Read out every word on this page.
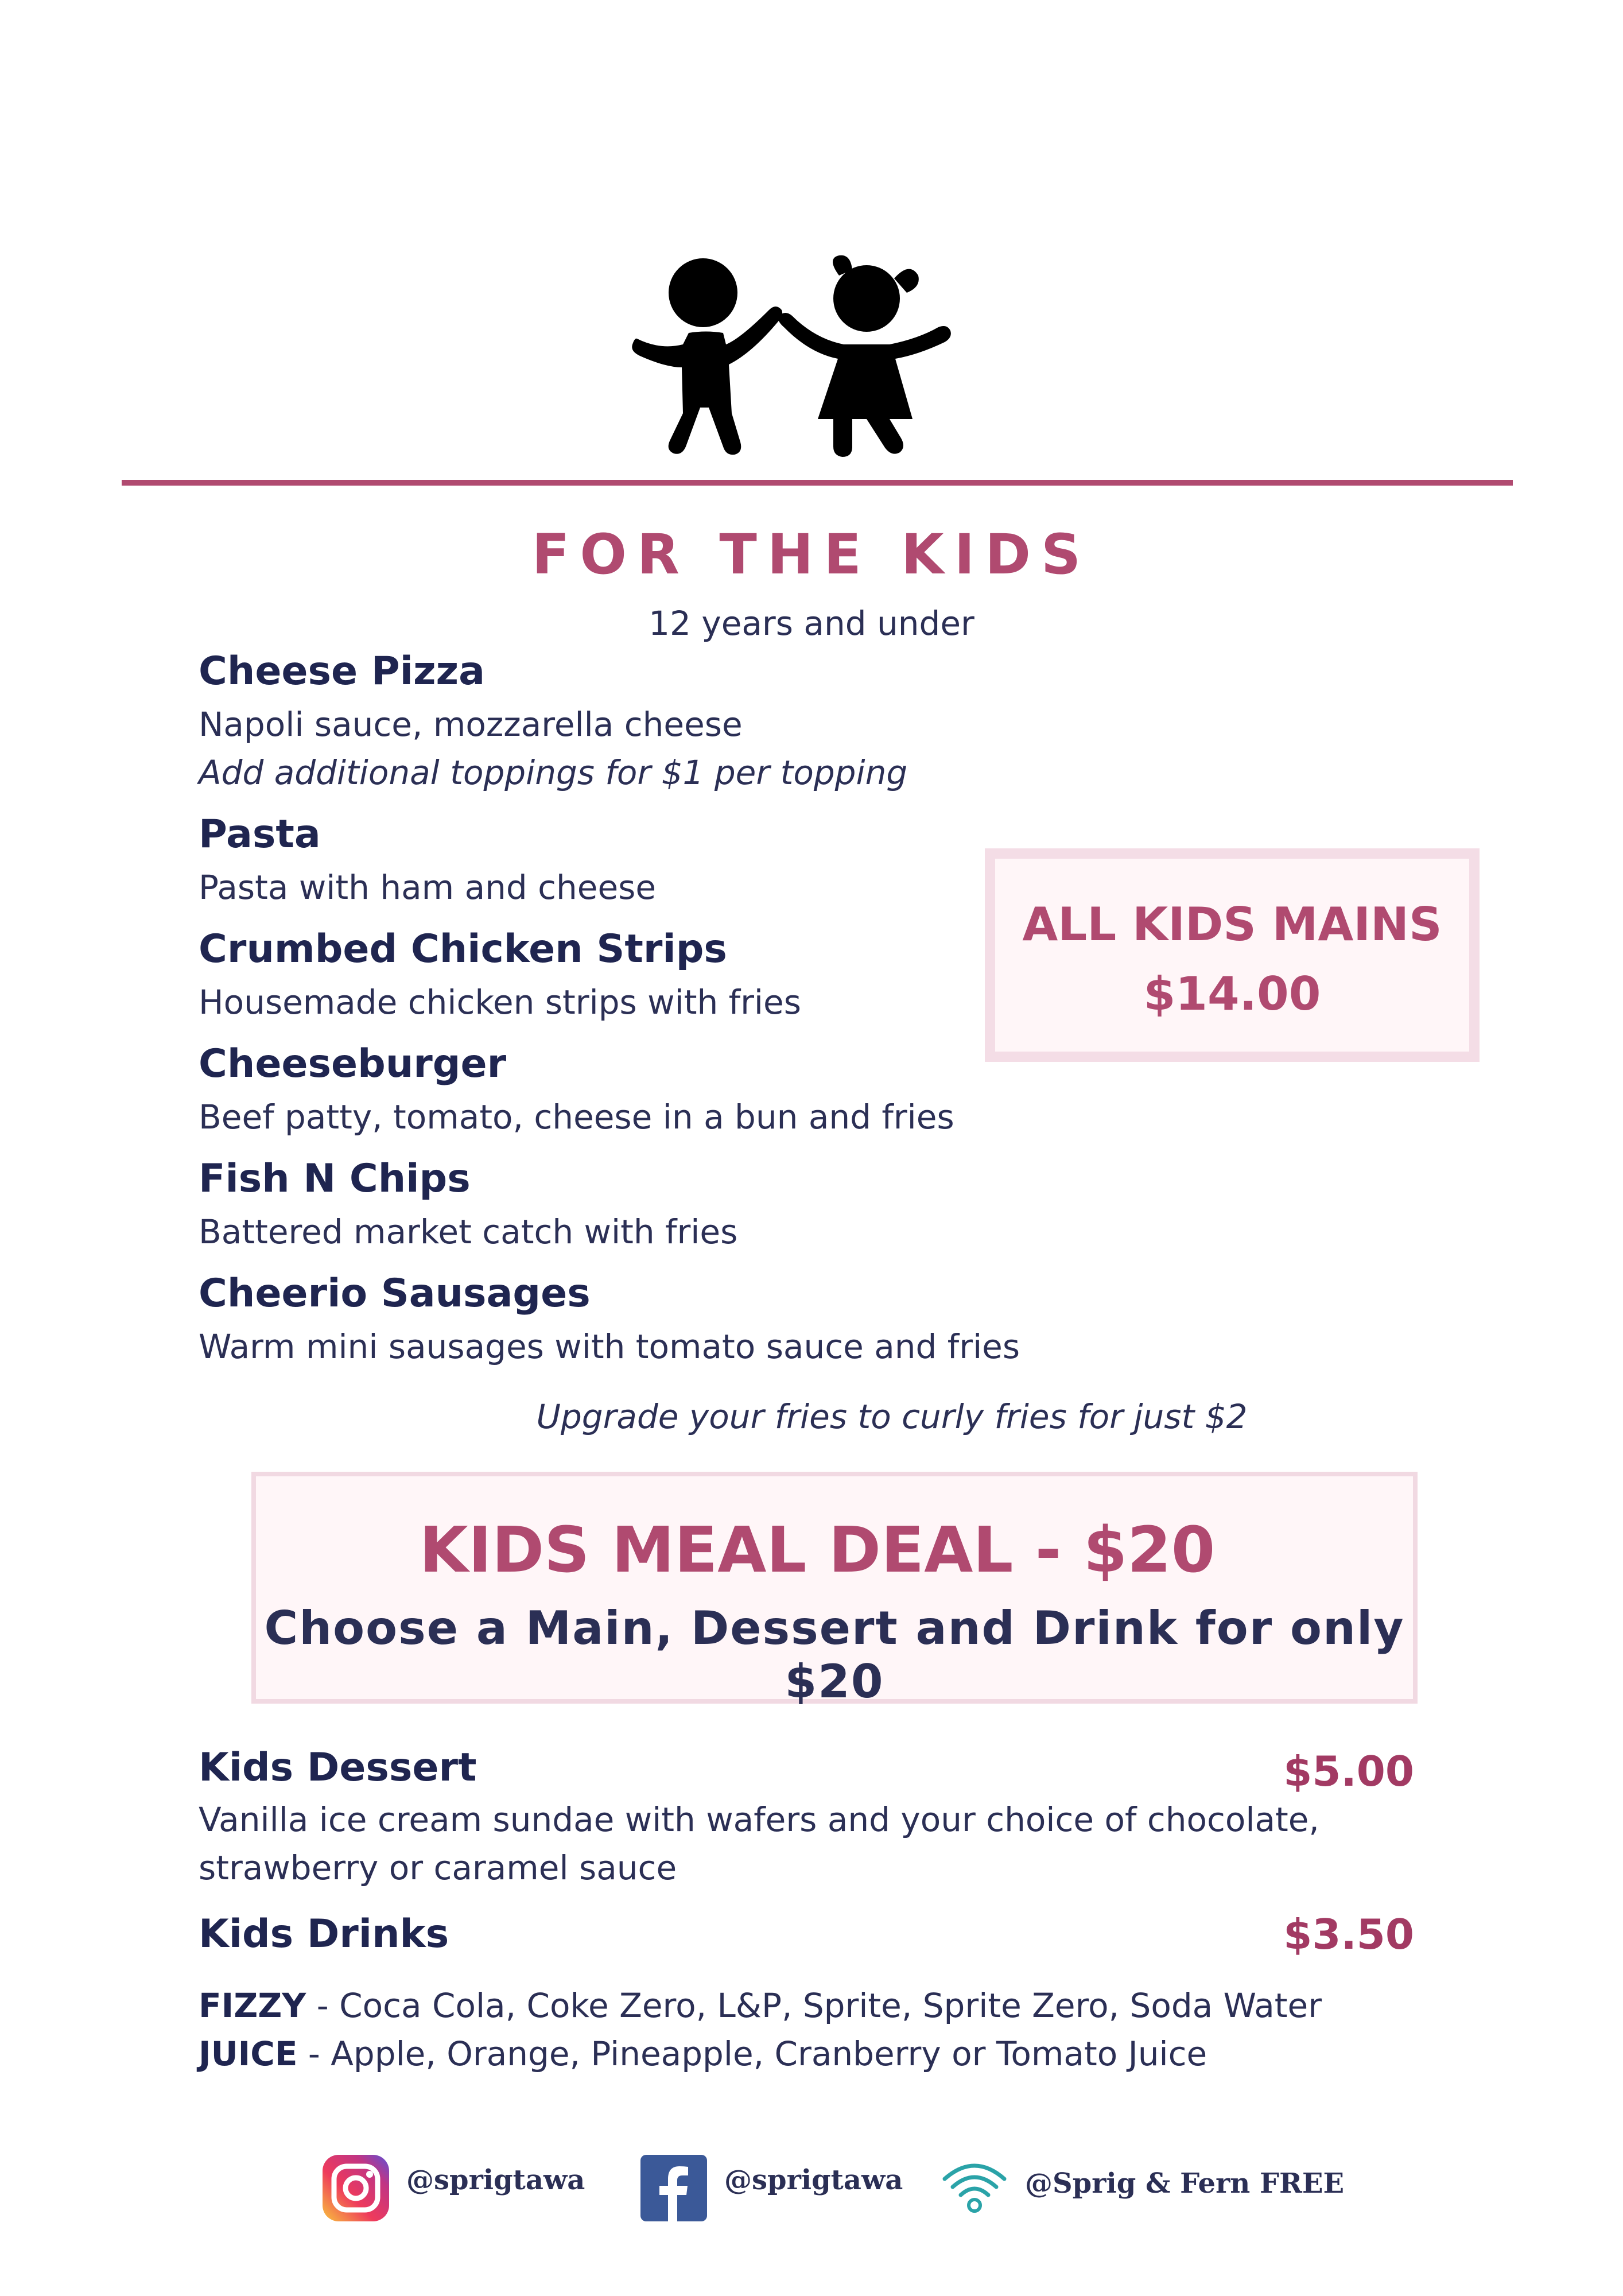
FOR THE KIDS
12 years and under
Cheese Pizza
Napoli sauce, mozzarella cheese
Add additional toppings for $1 per topping
Pasta
Pasta with ham and cheese
Crumbed Chicken Strips
Housemade chicken strips with fries
Cheeseburger
Beef patty, tomato, cheese in a bun and fries
Fish N Chips
Battered market catch with fries
Cheerio Sausages
Warm mini sausages with tomato sauce and fries
ALL KIDS MAINS
$14.00
Upgrade your fries to curly fries for just $2
KIDS MEAL DEAL - $20
Choose a Main, Dessert and Drink for only $20
Kids Dessert	$5.00
Vanilla ice cream sundae with wafers and your choice of chocolate,
strawberry or caramel sauce
Kids Drinks	$3.50
FIZZY - Coca Cola, Coke Zero, L&P, Sprite, Sprite Zero, Soda Water
JUICE - Apple, Orange, Pineapple, Cranberry or Tomato Juice
@sprigtawa	@sprigtawa	@Sprig & Fern FREE
